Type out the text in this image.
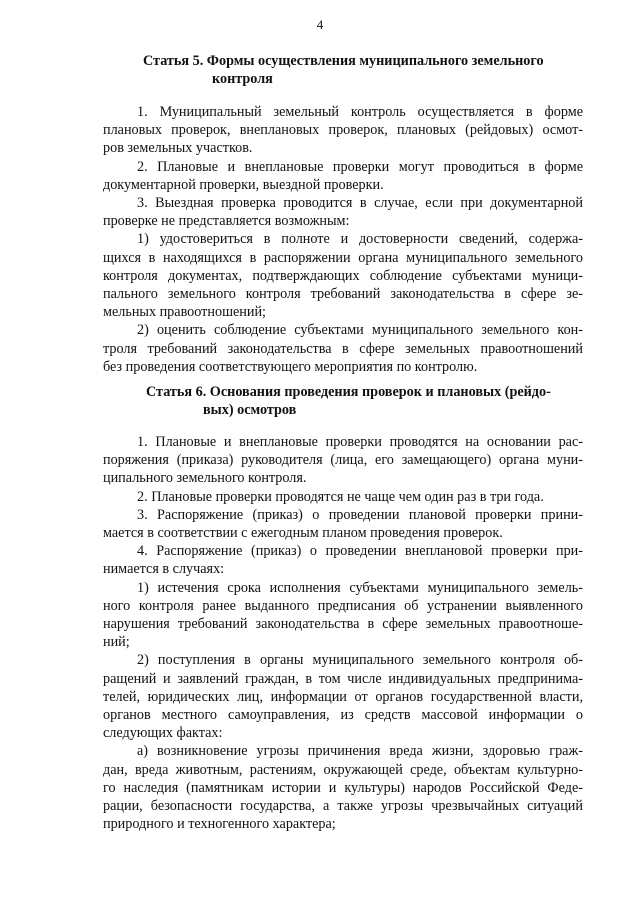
4
Статья 5. Формы осуществления муниципального земельного
контроля
1. Муниципальный земельный контроль осуществляется в форме
плановых проверок, внеплановых проверок, плановых (рейдовых) осмот-
ров земельных участков.
2. Плановые и внеплановые проверки могут проводиться в форме
документарной проверки, выездной проверки.
3. Выездная проверка проводится в случае, если при документарной
проверке не представляется возможным:
1) удостовериться в полноте и достоверности сведений, содержа-
щихся в находящихся в распоряжении органа муниципального земельного
контроля документах, подтверждающих соблюдение субъектами муници-
пального земельного контроля требований законодательства в сфере зе-
мельных правоотношений;
2) оценить соблюдение субъектами муниципального земельного кон-
троля требований законодательства в сфере земельных правоотношений
без проведения соответствующего мероприятия по контролю.
Статья 6. Основания проведения проверок и плановых (рейдо-
вых) осмотров
1. Плановые и внеплановые проверки проводятся на основании рас-
поряжения (приказа) руководителя (лица, его замещающего) органа муни-
ципального земельного контроля.
2. Плановые проверки проводятся не чаще чем один раз в три года.
3. Распоряжение (приказ) о проведении плановой проверки прини-
мается в соответствии с ежегодным планом проведения проверок.
4. Распоряжение (приказ) о проведении внеплановой проверки при-
нимается в случаях:
1) истечения срока исполнения субъектами муниципального земель-
ного контроля ранее выданного предписания об устранении выявленного
нарушения требований законодательства в сфере земельных правоотноше-
ний;
2) поступления в органы муниципального земельного контроля об-
ращений и заявлений граждан, в том числе индивидуальных предпринима-
телей, юридических лиц, информации от органов государственной власти,
органов местного самоуправления, из средств массовой информации о
следующих фактах:
а) возникновение угрозы причинения вреда жизни, здоровью граж-
дан, вреда животным, растениям, окружающей среде, объектам культурно-
го наследия (памятникам истории и культуры) народов Российской Феде-
рации, безопасности государства, а также угрозы чрезвычайных ситуаций
природного и техногенного характера;
